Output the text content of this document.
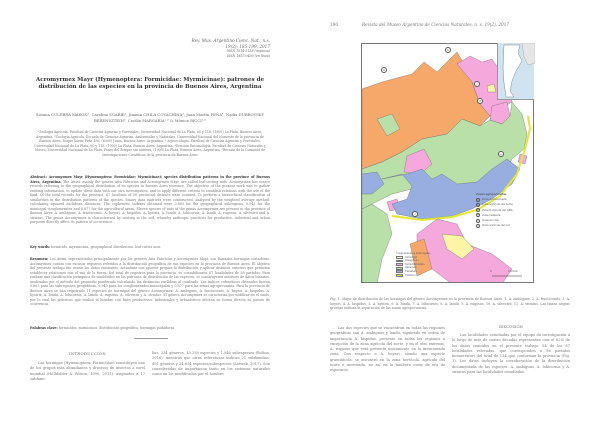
Rev. Mus. Argentino Cienc. Nat., n.s.
19(2): 185-199, 2017
ISSN 1514-5158 (impresa)
ISSN 1853-0400 (en línea)
Acromyrmex Mayr (Hymenoptera: Formicidae: Myrmicinae): patrones de distribución de las especies en la provincia de Buenos Aires, Argentina
Susana CULEBRA MASON¹, Carolina SGARBI², Jimena CHILA COVACHINA³, Juan Martín PEÑA⁴, Nadia DUBROVSKY BERENSZTEIN⁵, Cecilia MARGARÍA¹·⁶ & Mónica RICCI¹·⁶
¹Zoología Agrícola, Facultad de Ciencias Agrarias y Forestales, Universidad Nacional de La Plata, 60 y 118, (1900) La Plata, Buenos Aires, Argentina. ²Zoología Agrícola, Escuela de Ciencias Agrarias, Ambientales y Naturales, Universidad Nacional del Noroeste de la provincia de Buenos Aires, Roque Sáenz Peña 456, (6000) Junín, Buenos Aires, Argentina. ³ Agroecología, Facultad de Ciencias Agrarias y Forestales, Universidad Nacional de La Plata, 60 y 118, (1900) La Plata, Buenos Aires, Argentina. ⁴División Entomología, Facultad de Ciencias Naturales y Museo, Universidad Nacional de La Plata, Paseo del Bosque sin número, (1900) La Plata, Buenos Aires, Argentina. ⁶Becaria de la Comisión de Investigaciones Científicas de la provincia de Buenos Aires
Abstract: Acromyrmex Mayr (Hymenoptera: Formicidae: Myrmicinae): species distribution patterns in the province of Buenos Aires, Argentina. The Attini, mainly the genera Atta Fabricius and Acromyrmex Mayr, are called leaf-cutting ants. Acromyrmex has scarce records referring to the geographical distribution of its species in Buenos Aires province. The objective of the present work was to gather existing information, to update these data with our own investigation, and to apply different criteria to establish relations with the use of the land. Of the total records for the province, 87 localities of 58 provincial districts were counted. To perform a hierarchical classification of similarities in the distribution patterns of the species, binary data matrices were constructed, analyzed by the weighted average method, calculating squared euclidean distances. The cophenetic indexes obtained were 0.863 for the geographical subregions, 0.943 for the municipal conglomerates and 0.877 for the agricultural areas. Eleven species of ants of the genus Acromyrmex are present in the province of Buenos Aires: A. ambiguus, A. fracticornis, A. heyeri, A. hispidus, A. hystrix, A. lundii, A. lobicornis, A. landii, A. rugosus, A. silvestrii and A. striatus. The genus Acromyrmex is characterized by nesting in the soil, whereby anthropic practices for productive, industrial and urban purposes directly affect its pattern of occurrence.
Key words: formicids, myrmicines, geographical distribution, leaf-cutter ants
Resumen: Los Attini, representados principalmente por los géneros Atta Fabricius y Acromyrmex Mayr, son llamados hormigas cortadoras. Acromyrmex cuenta con escasos registros referidos a la distribución geográfica de sus especies en la provincia de Buenos Aires. El objetivo del presente trabajo fue reunir los datos existentes, actualizar con aportes propios la distribución y aplicar distintos criterios que permitan establecer relaciones con el uso de la tierra. Del total de registros para la provincia, se contabilizaron 87 localidades de 58 partidos. Para realizar una clasificación jerárquica de similitudes en los patrones de distribución de las especies, se construyeron matrices de datos binarios, analizadas por el método del promedio ponderado calculando las distancias euclídeas al cuadrado. Los índices cofenéticos obtenidos fueron 0.863 para las subregiones geográficas, 0.943 para los conglomerados municipales y 0.877 para las zonas agropecuarias. Para la provincia de Buenos Aires se han registrado 11 especies de hormigas del género Acromyrmex: A. ambiguus, A. fracticornis, A. heyeri, A. hispidus, A. hystrix, A. lundii, A. lobicornis, A. landii, A. rugosus, A. silvestrii y A. striatus. El género Acromyrmex se caracteriza por nidificar en el suelo, por lo cual las prácticas que realiza el hombre con fines productivos, industriales y urbanísticos afectan en forma directa su patrón de ocurrencia.
Palabras clave: formícidos, mirmicinos, distribución geográfica, hormigas podadoras
INTRODUCCIÓN
Las hormigas (Hymenoptera: Formicidae) constituyen uno de los grupos más abundantes y diversos de insectos a nivel mundial (Hölldobler & Wilson, 1990, 2011), asignados a 17 subfami-
lias, 334 géneros, 13.258 especies y 1.946 subespecies (Bolton, 2016); mientras que otras referencias indican 21 subfamilias, 491 géneros y 24.614 especies/subespecies (Antweb, 2017). Son consideradas de importancia tanto en los sistemas naturales como en los modificados por el hombre
190	Revista del Museo Argentino de Ciencias Naturales, n. s. 19(2), 2017
a
b
c
d
e
f
Zonas agropecuarias
a	Zona de invernada
b	Zona agrícola del norte
c	Zona hortícola del GBA
d	Zona tambera
e	Zona de cría
f	Zona agrícola del sur
Conglomerados municipales
Industrial
Oleaginoso
Industrial mixto
Ganadero
Cerealero
Turístico
0	100 km
Fig. 1. Mapa de distribución de las hormigas del género Acromyrmex en la provincia de Buenos Aires. 1. A. ambiguus, 2. A. fracticornis, 3. A. heyeri, 4. A. hispidus, 5. A. hystrix, 6. A. lundii, 7. A. lobicornis, 8. A. landii, 9. A. rugosus, 10. A. silvestrii, 11. A. striatus. Las líneas negras gruesas indican la separación de las zonas agropecuarias.
Las dos especies que se encuentran en todas las regiones geográficas son A. ambiguus y landii, siguiendo en orden de importancia A. hispidus, presente en todas las regiones a excepción de la zona agrícola del norte, y en el otro extremo, A. rugosus que está presente únicamente en la mencionada zona. Con respecto a A. heyeri, siendo una especie graminícola, se encontró en la zona hortícola, agrícola del norte e invernada, no así en la tambera como de era de esperarse.
DISCUSIÓN
Las localidades estudiadas por el equipo de investigación a lo largo de más de cuatro décadas representan casi el 62% de los datos reunidos en el presente trabajo: 54 de las 87 localidades relevadas, que corresponden a 56 partidos bonaerenses del total de 134 que conforman la provincia (Fig. 1). Los datos incluyen la corroboración de la distribución documentada de las especies: A. ambiguus, A. lobicornis y A. striatus para las localidades estudiadas.
